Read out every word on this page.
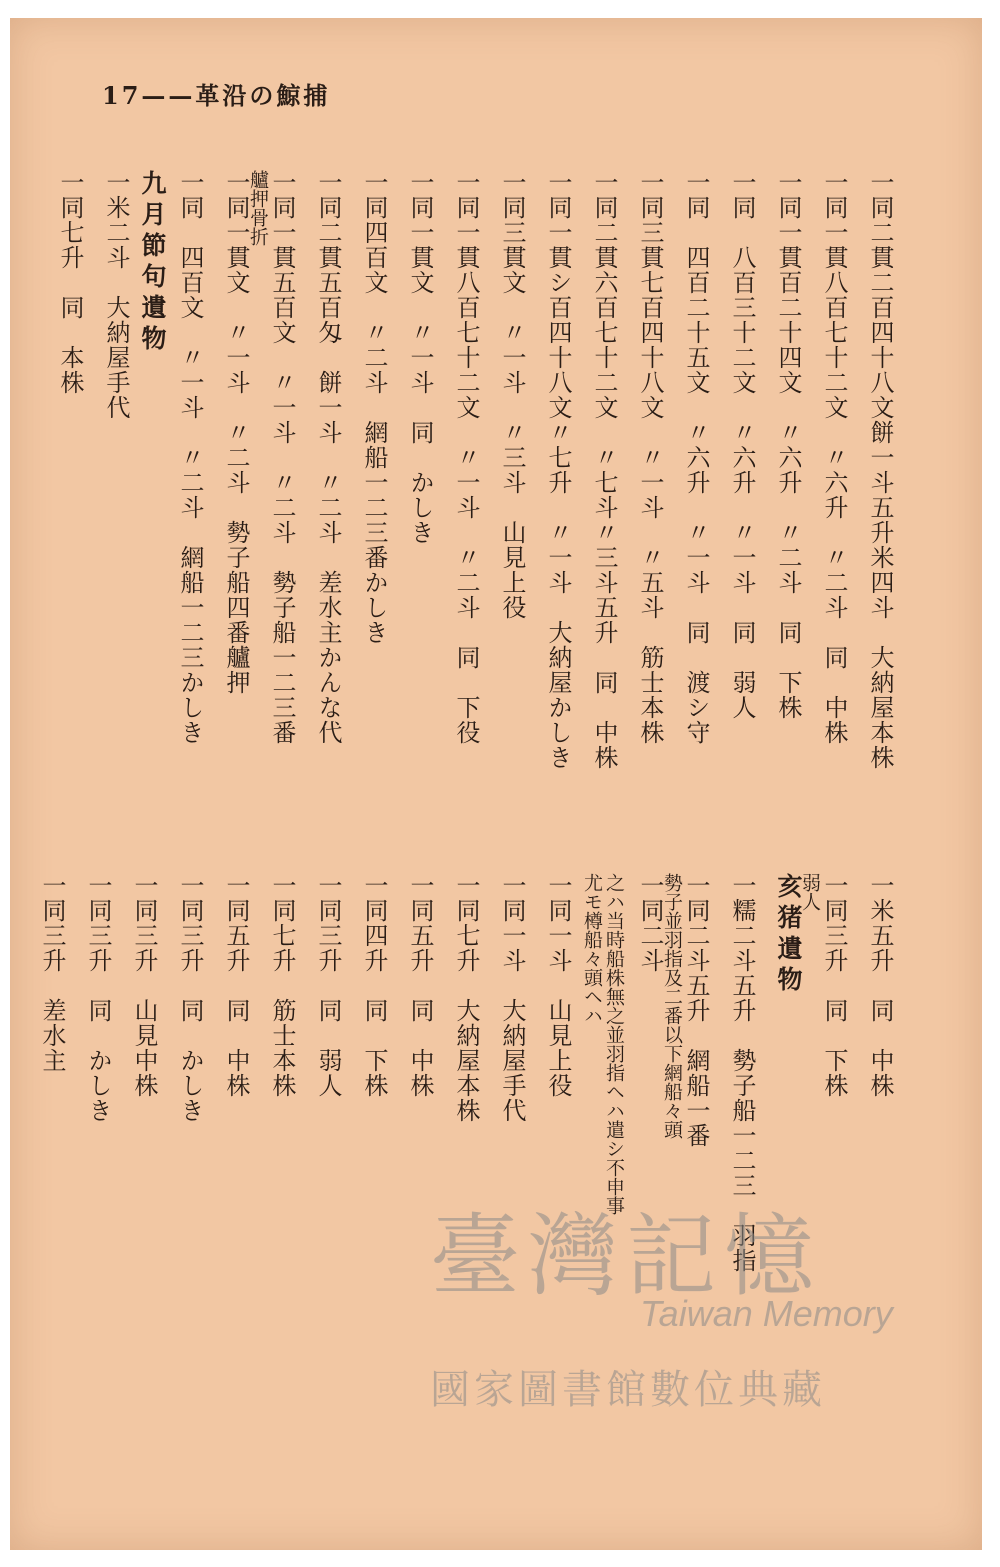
17——革沿の鯨捕
一同二貫二百四十八文餅一斗五升米四斗　大納屋本株
一同一貫八百七十二文　〃六升　〃二斗　同　中株
一同一貫百二十四文　〃六升　〃二斗　同　下株
一同　八百三十二文　〃六升　〃一斗　同　弱人
一同　四百二十五文　〃六升　〃一斗　同　渡シ守
一同三貫七百四十八文　〃一斗　〃五斗　筋士本株
一同二貫六百七十二文　〃七斗〃三斗五升　同　中株
一同一貫シ百四十八文〃七升　〃一斗　大納屋かしき
一同三貫文　〃一斗　〃三斗　山見上役
一同一貫八百七十二文　〃一斗　〃二斗　同　下役
一同一貫文　〃一斗　同　かしき
一同四百文　〃二斗　網船一二三番かしき
一同二貫五百匁　餅一斗　〃二斗　差水主かんな代
一同一貫五百文　〃一斗　〃二斗　勢子船一二三番
艫押骨折
一同一貫文　〃一斗　〃二斗　勢子船四番艫押
一同　四百文　〃一斗　〃二斗　網船一二三かしき
九月節句遺物
一米二斗　大納屋手代
一同七升　同　本株
一米五升　同　中株
一同三升　同　下株
弱人
亥猪遺物
一糯二斗五升　勢子船一二三　羽指
一同二斗五升　網船一番
勢子並羽指及二番以下網船々頭
一同二斗
之ハ当時船株無之並羽指ヘハ遣シ不申事
尤モ樽船々頭ヘハ
一同一斗　山見上役
一同一斗　大納屋手代
一同七升　大納屋本株
一同五升　同　中株
一同四升　同　下株
一同三升　同　弱人
一同七升　筋士本株
一同五升　同　中株
一同三升　同　かしき
一同三升　山見中株
一同三升　同　かしき
一同三升　差水主
臺灣記憶
Taiwan Memory
國家圖書館數位典藏
